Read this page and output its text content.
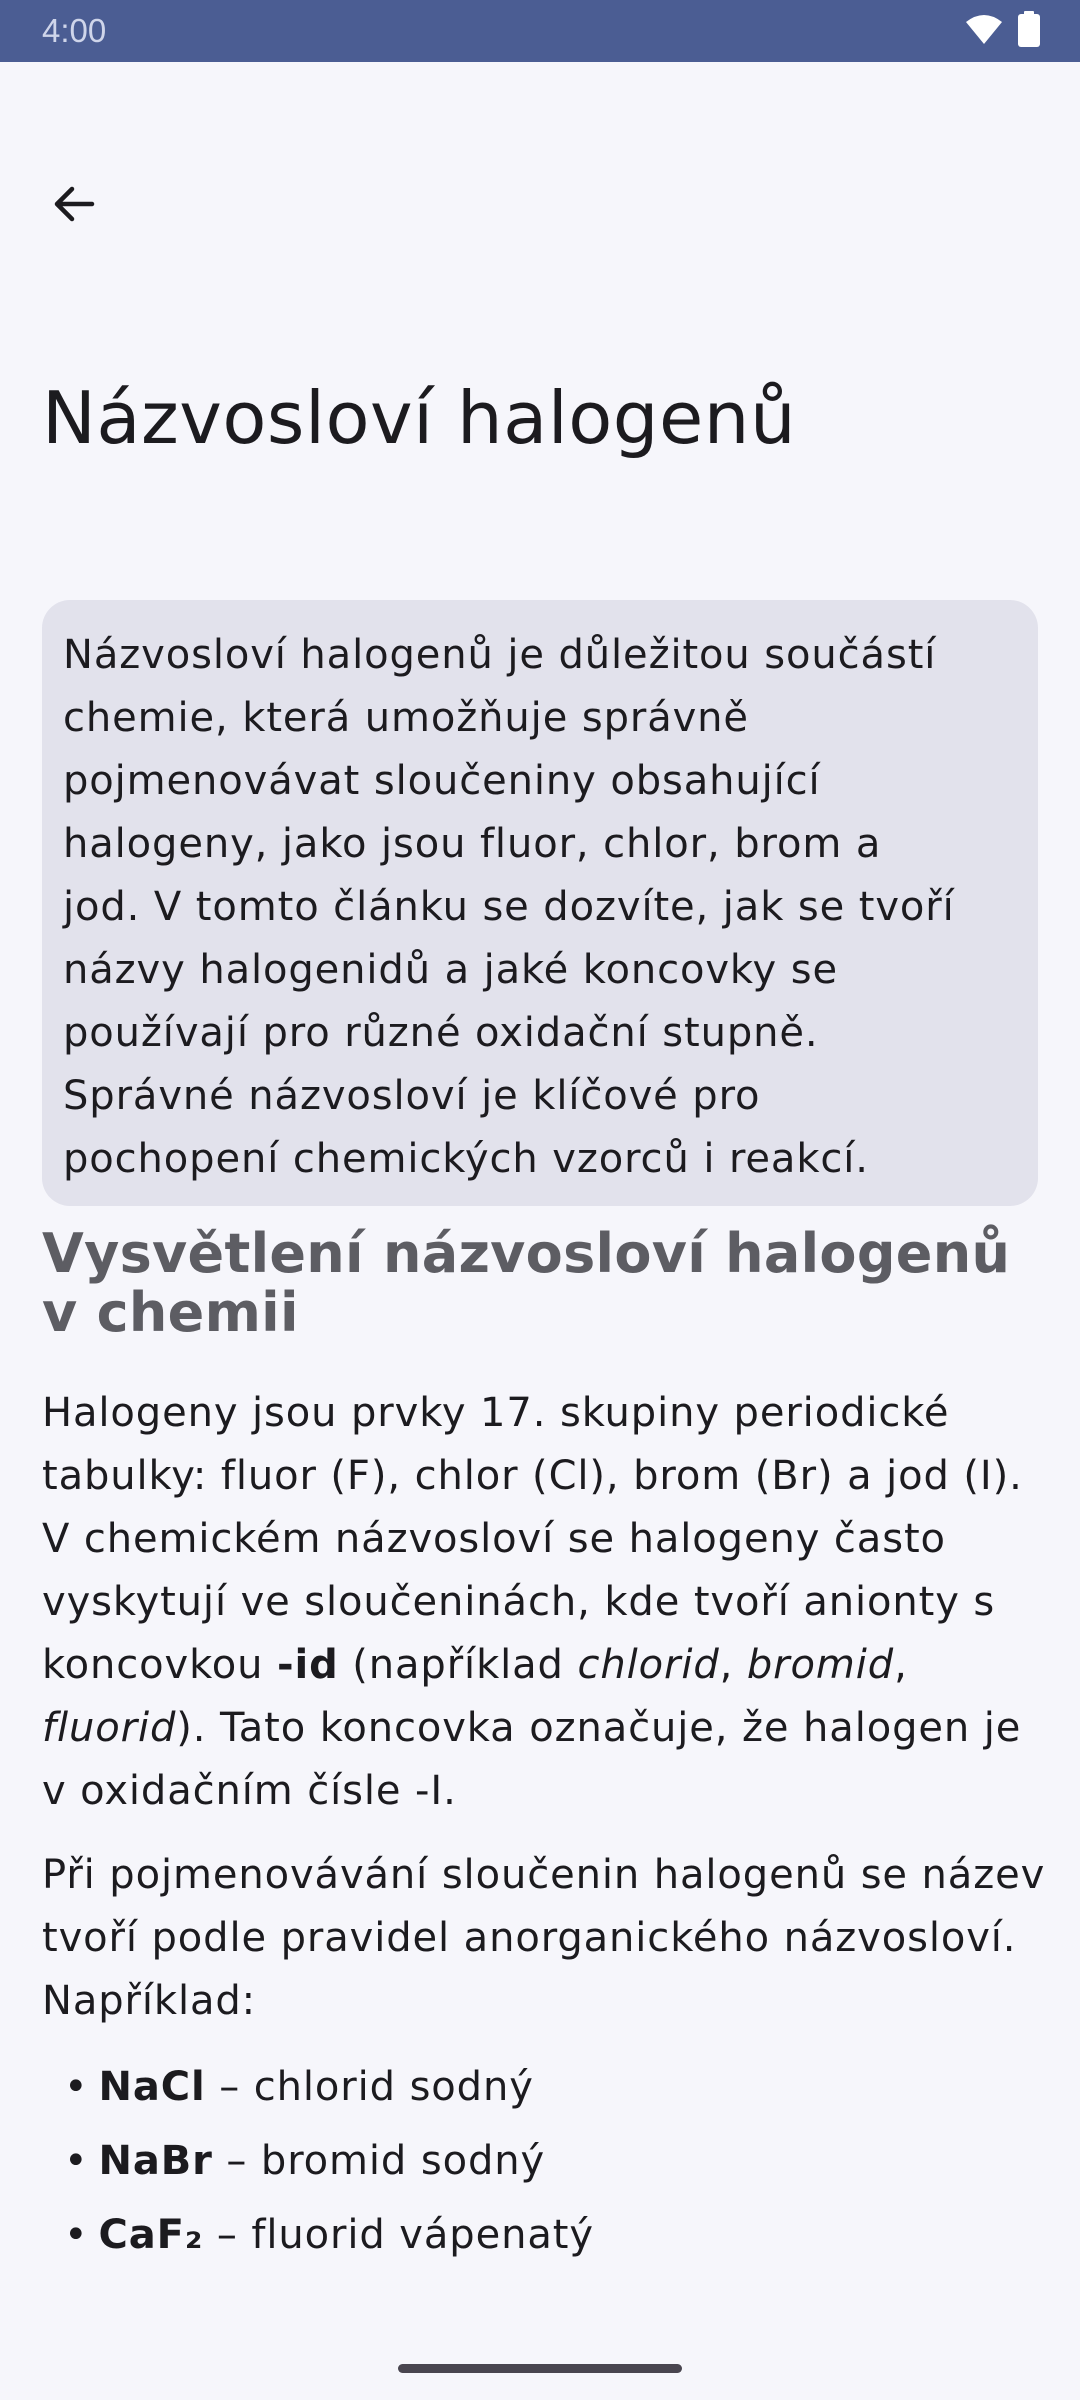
4:00
Názvosloví halogenů
Názvosloví halogenů je důležitou součástí
chemie, která umožňuje správně
pojmenovávat sloučeniny obsahující
halogeny, jako jsou fluor, chlor, brom a
jod. V tomto článku se dozvíte, jak se tvoří
názvy halogenidů a jaké koncovky se
používají pro různé oxidační stupně.
Správné názvosloví je klíčové pro
pochopení chemických vzorců i reakcí.
Vysvětlení názvosloví halogenů v chemii

Halogeny jsou prvky 17. skupiny periodické tabulky: fluor (F), chlor (Cl), brom (Br) a jod (I). V chemickém názvosloví se halogeny často vyskytují ve sloučeninách, kde tvoří anionty s koncovkou -id (například chlorid, bromid, fluorid). Tato koncovka označuje, že halogen je v oxidačním čísle -I.

Při pojmenovávání sloučenin halogenů se název tvoří podle pravidel anorganického názvosloví. Například:

• NaCl – chlorid sodný
• NaBr – bromid sodný
• CaF₂ – fluorid vápenatý
